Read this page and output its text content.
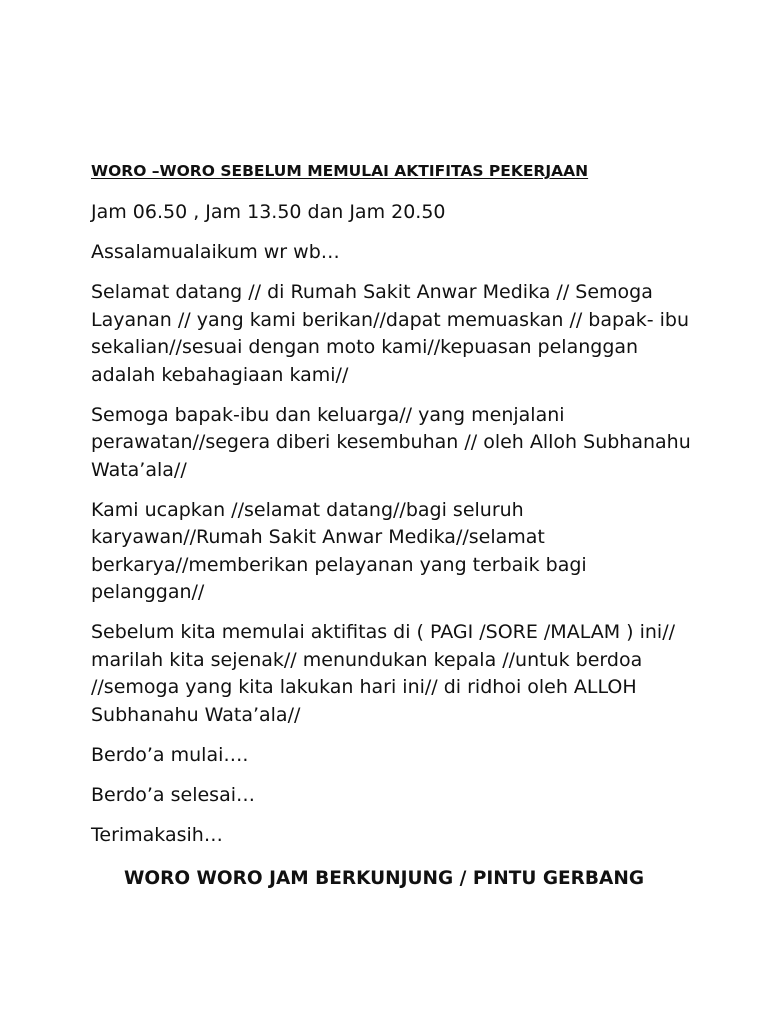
WORO –WORO SEBELUM MEMULAI AKTIFITAS PEKERJAAN

Jam 06.50 , Jam 13.50 dan Jam 20.50

Assalamualaikum wr wb…

Selamat datang // di Rumah Sakit Anwar Medika // Semoga Layanan // yang kami berikan//dapat memuaskan // bapak- ibu sekalian//sesuai dengan moto kami//kepuasan pelanggan adalah kebahagiaan kami//

Semoga bapak-ibu dan keluarga// yang menjalani perawatan//segera diberi kesembuhan // oleh Alloh Subhanahu Wata’ala//

Kami ucapkan //selamat datang//bagi seluruh karyawan//Rumah Sakit Anwar Medika//selamat berkarya//memberikan pelayanan yang terbaik bagi pelanggan//

Sebelum kita memulai aktifitas di ( PAGI /SORE /MALAM ) ini// marilah kita sejenak// menundukan kepala //untuk berdoa //semoga yang kita lakukan hari ini// di ridhoi oleh ALLOH Subhanahu Wata’ala//

Berdo’a mulai….

Berdo’a selesai…

Terimakasih…

WORO WORO JAM BERKUNJUNG / PINTU GERBANG
